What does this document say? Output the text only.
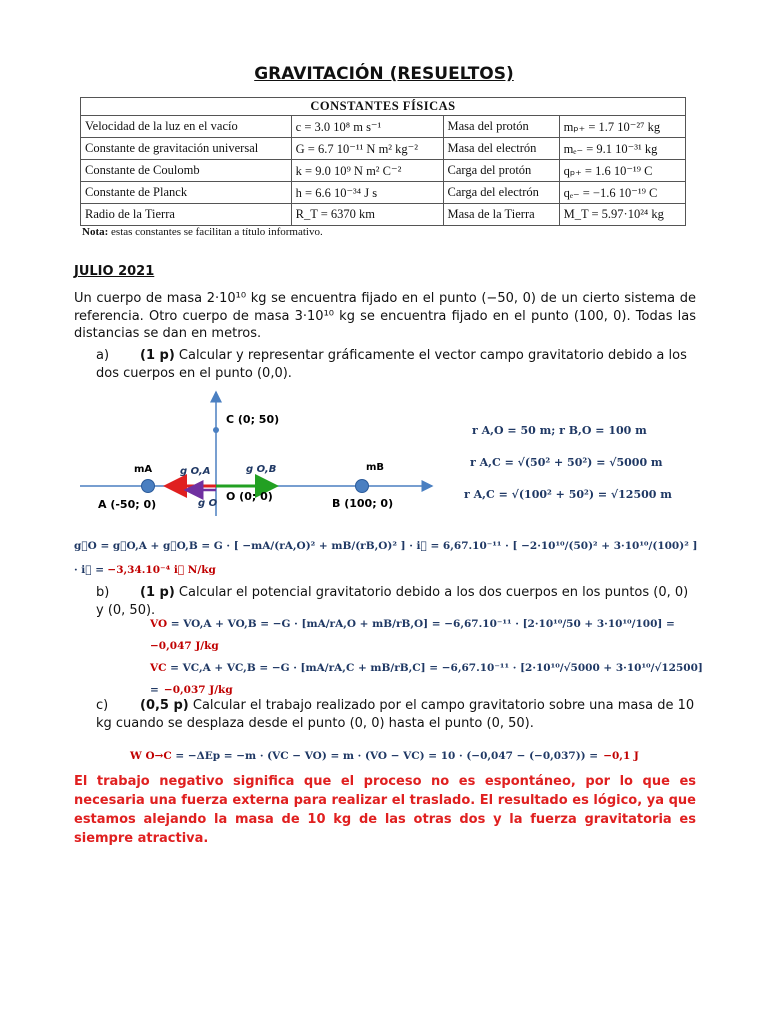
GRAVITACIÓN (RESUELTOS)
CONSTANTES FÍSICAS			
Velocidad de la luz en el vacío	c = 3.0 10⁸ m s⁻¹	Masa del protón	mₚ₊ = 1.7 10⁻²⁷ kg
Constante de gravitación universal	G = 6.7 10⁻¹¹ N m² kg⁻²	Masa del electrón	mₑ₋ = 9.1 10⁻³¹ kg
Constante de Coulomb	k = 9.0 10⁹ N m² C⁻²	Carga del protón	qₚ₊ = 1.6 10⁻¹⁹ C
Constante de Planck	h = 6.6 10⁻³⁴ J s	Carga del electrón	qₑ₋ = −1.6 10⁻¹⁹ C
Radio de la Tierra	R_T = 6370 km	Masa de la Tierra	M_T = 5.97·10²⁴ kg
Nota: estas constantes se facilitan a título informativo.
JULIO 2021
Un cuerpo de masa 2·10¹⁰ kg se encuentra fijado en el punto (−50, 0) de un cierto sistema de referencia. Otro cuerpo de masa 3·10¹⁰ kg se encuentra fijado en el punto (100, 0). Todas las distancias se dan en metros.
a) (1 p) Calcular y representar gráficamente el vector campo gravitatorio debido a los dos cuerpos en el punto (0,0).
C (0; 50)
O (0; 0)
A (-50; 0)	B (100; 0)
mA	mB
g O,A	g O,B
g O
r A,O = 50 m; r B,O = 100 m
r A,C = √(50² + 50²) = √5000 m
r A,C = √(100² + 50²) = √12500 m
g⃗O = g⃗O,A + g⃗O,B = G · [ −mA/(rA,O)² + mB/(rB,O)² ] · i⃗ = 6,67.10⁻¹¹ · [ −2·10¹⁰/(50)² + 3·10¹⁰/(100)² ] · i⃗ = −3,34.10⁻⁴ i⃗ N/kg
b) (1 p) Calcular el potencial gravitatorio debido a los dos cuerpos en los puntos (0, 0) y (0, 50).
VO = VO,A + VO,B = −G · [mA/rA,O + mB/rB,O] = −6,67.10⁻¹¹ · [2·10¹⁰/50 + 3·10¹⁰/100] = −0,047 J/kg
VC = VC,A + VC,B = −G · [mA/rA,C + mB/rB,C] = −6,67.10⁻¹¹ · [2·10¹⁰/√5000 + 3·10¹⁰/√12500] = −0,037 J/kg
c) (0,5 p) Calcular el trabajo realizado por el campo gravitatorio sobre una masa de 10 kg cuando se desplaza desde el punto (0, 0) hasta el punto (0, 50).
W O→C = −ΔEp = −m · (VC − VO) = m · (VO − VC) = 10 · (−0,047 − (−0,037)) = −0,1 J
El trabajo negativo significa que el proceso no es espontáneo, por lo que es necesaria una fuerza externa para realizar el traslado. El resultado es lógico, ya que estamos alejando la masa de 10 kg de las otras dos y la fuerza gravitatoria es siempre atractiva.
